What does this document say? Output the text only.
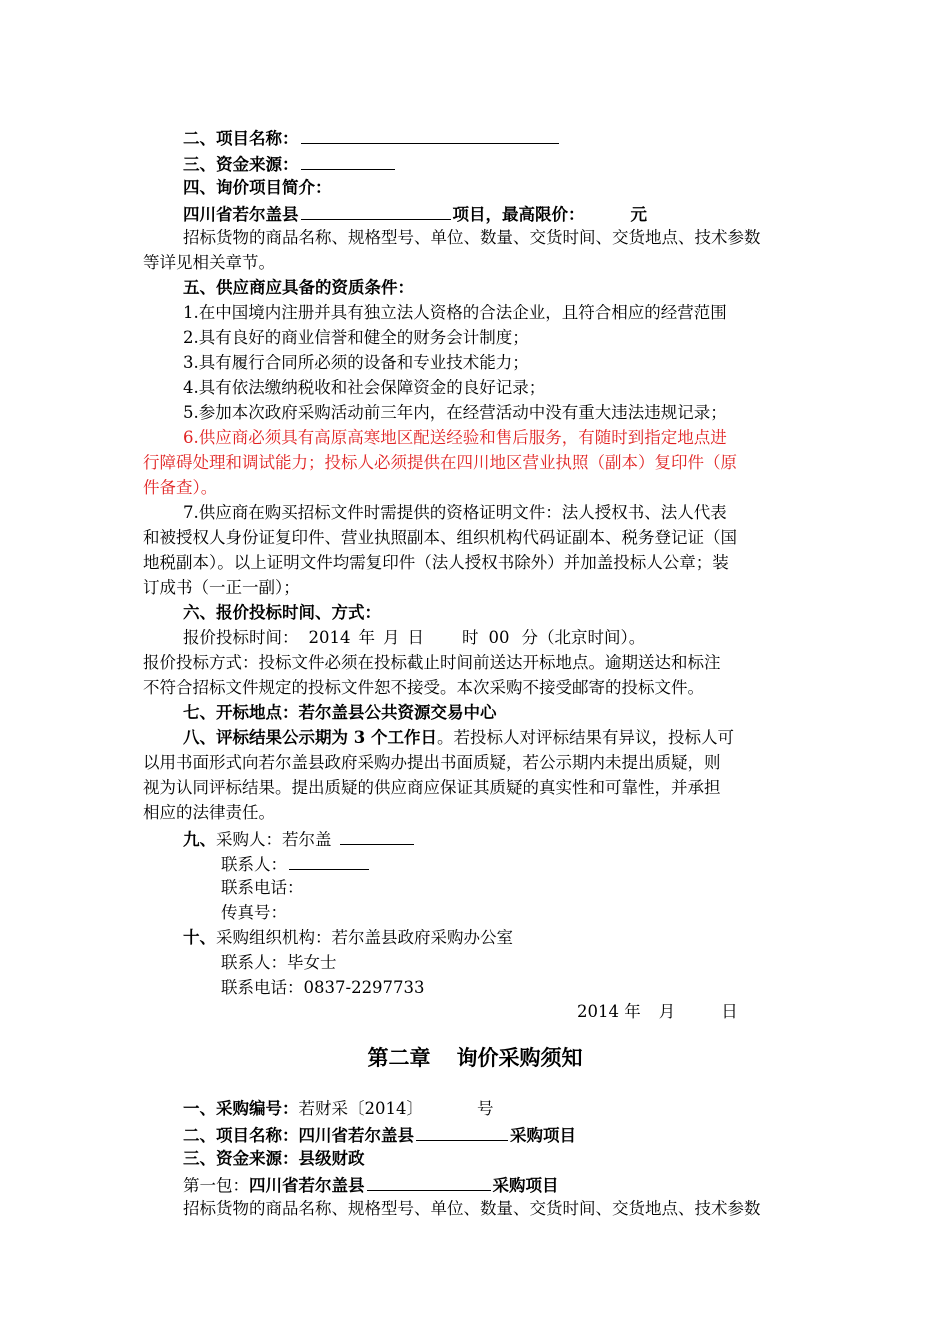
二、项目名称：
三、资金来源：
四、询价项目简介：
四川省若尔盖县	项目，最高限价：	元
招标货物的商品名称、规格型号、单位、数量、交货时间、交货地点、技术参数
等详见相关章节。
五、供应商应具备的资质条件：
1.在中国境内注册并具有独立法人资格的合法企业，且符合相应的经营范围
2.具有良好的商业信誉和健全的财务会计制度；
3.具有履行合同所必须的设备和专业技术能力；
4.具有依法缴纳税收和社会保障资金的良好记录；
5.参加本次政府采购活动前三年内，在经营活动中没有重大违法违规记录；
6.供应商必须具有高原高寒地区配送经验和售后服务，有随时到指定地点进
行障碍处理和调试能力；投标人必须提供在四川地区营业执照（副本）复印件（原
件备查）。
7.供应商在购买招标文件时需提供的资格证明文件：法人授权书、法人代表
和被授权人身份证复印件、营业执照副本、组织机构代码证副本、税务登记证（国
地税副本）。以上证明文件均需复印件（法人授权书除外）并加盖投标人公章；装
订成书（一正一副）；
六、报价投标时间、方式：
报价投标时间： 2014 年 月 日 时 00 分（北京时间）。
报价投标方式：投标文件必须在投标截止时间前送达开标地点。逾期送达和标注
不符合招标文件规定的投标文件恕不接受。本次采购不接受邮寄的投标文件。
七、开标地点：若尔盖县公共资源交易中心
八、评标结果公示期为 3 个工作日。若投标人对评标结果有异议，投标人可
以用书面形式向若尔盖县政府采购办提出书面质疑，若公示期内未提出质疑，则
视为认同评标结果。提出质疑的供应商应保证其质疑的真实性和可靠性，并承担
相应的法律责任。
九、采购人：若尔盖
联系人：
联系电话：
传真号：
十、采购组织机构：若尔盖县政府采购办公室
联系人：毕女士
联系电话：0837-2297733
2014 年 月	日
第二章 询价采购须知
一、采购编号：若财采〔2014〕	号
二、项目名称：四川省若尔盖县	采购项目
三、资金来源：县级财政
第一包：四川省若尔盖县	采购项目
招标货物的商品名称、规格型号、单位、数量、交货时间、交货地点、技术参数
